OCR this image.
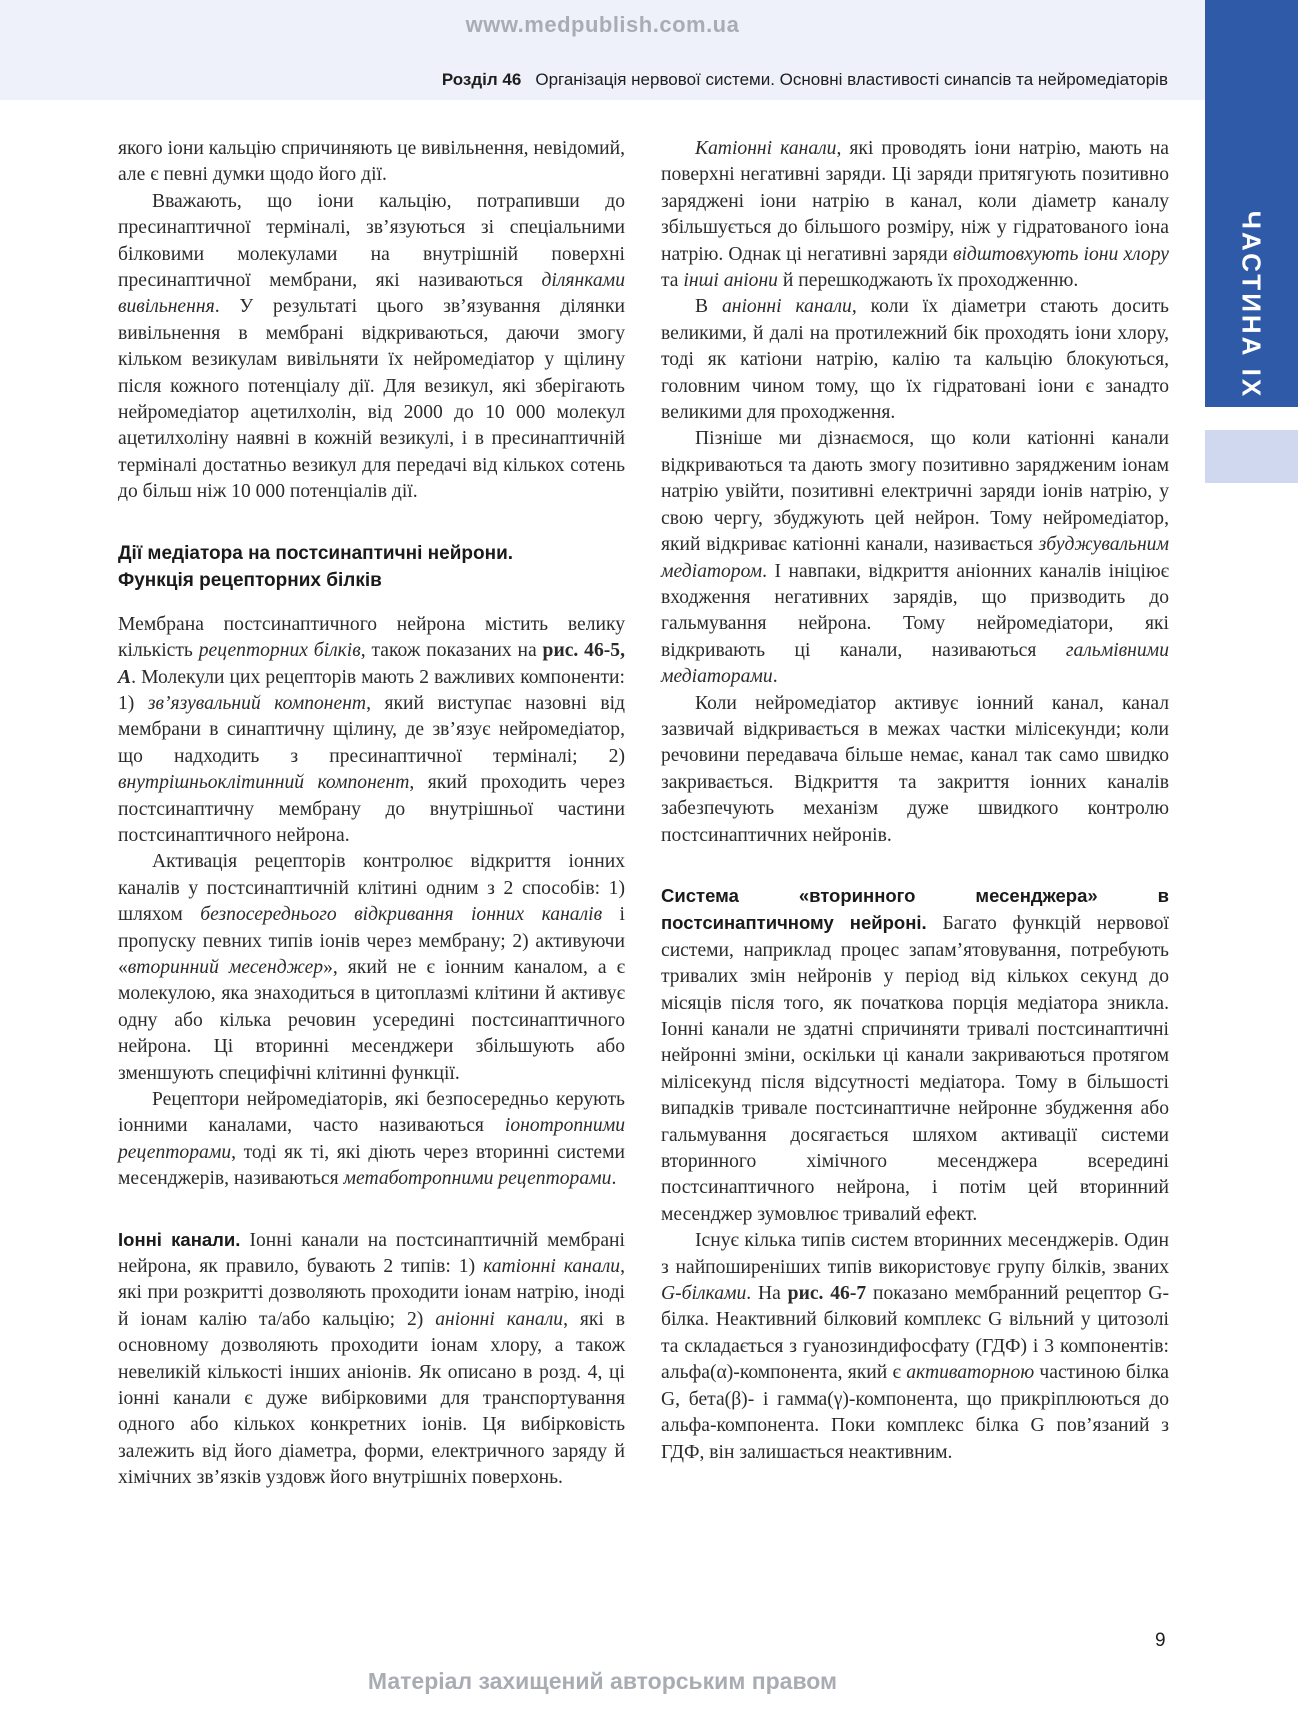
www.medpublish.com.ua
Розділ 46 Організація нервової системи. Основні властивості синапсів та нейромедіаторів
ЧАСТИНА IX

якого іони кальцію спричиняють це вивільнення, невідомий, але є певні думки щодо його дії.

Вважають, що іони кальцію, потрапивши до пресинаптичної терміналі, зв’язуються зі спеціальними білковими молекулами на внутрішній поверхні пресинаптичної мембрани, які називаються ділянками вивільнення. У результаті цього зв’язування ділянки вивільнення в мембрані відкриваються, даючи змогу кільком везикулам вивільняти їх нейромедіатор у щілину після кожного потенціалу дії. Для везикул, які зберігають нейромедіатор ацетилхолін, від 2000 до 10 000 молекул ацетилхоліну наявні в кожній везикулі, і в пресинаптичній терміналі достатньо везикул для передачі від кількох сотень до більш ніж 10 000 потенціалів дії.

Дії медіатора на постсинаптичні нейрони.
Функція рецепторних білків

Мембрана постсинаптичного нейрона містить велику кількість рецепторних білків, також показаних на рис. 46-5, А. Молекули цих рецепторів мають 2 важливих компоненти: 1) зв’язувальний компонент, який виступає назовні від мембрани в синаптичну щілину, де зв’язує нейромедіатор, що надходить з пресинаптичної терміналі; 2) внутрішньоклітинний компонент, який проходить через постсинаптичну мембрану до внутрішньої частини постсинаптичного нейрона.

Активація рецепторів контролює відкриття іонних каналів у постсинаптичній клітині одним з 2 способів: 1) шляхом безпосереднього відкривання іонних каналів і пропуску певних типів іонів через мембрану; 2) активуючи «вторинний месенджер», який не є іонним каналом, а є молекулою, яка знаходиться в цитоплазмі клітини й активує одну або кілька речовин усередині постсинаптичного нейрона. Ці вторинні месенджери збільшують або зменшують специфічні клітинні функції.

Рецептори нейромедіаторів, які безпосередньо керують іонними каналами, часто називаються іонотропними рецепторами, тоді як ті, які діють через вторинні системи месенджерів, називаються метаботропними рецепторами.

Іонні канали. Іонні канали на постсинаптичній мембрані нейрона, як правило, бувають 2 типів: 1) катіонні канали, які при розкритті дозволяють проходити іонам натрію, іноді й іонам калію та/або кальцію; 2) аніонні канали, які в основному дозволяють проходити іонам хлору, а також невеликій кількості інших аніонів. Як описано в розд. 4, ці іонні канали є дуже вибірковими для транспортування одного або кількох конкретних іонів. Ця вибірковість залежить від його діаметра, форми, електричного заряду й хімічних зв’язків уздовж його внутрішніх поверхонь.

Катіонні канали, які проводять іони натрію, мають на поверхні негативні заряди. Ці заряди притягують позитивно заряджені іони натрію в канал, коли діаметр каналу збільшується до більшого розміру, ніж у гідратованого іона натрію. Однак ці негативні заряди відштовхують іони хлору та інші аніони й перешкоджають їх проходженню.

В аніонні канали, коли їх діаметри стають досить великими, й далі на протилежний бік проходять іони хлору, тоді як катіони натрію, калію та кальцію блокуються, головним чином тому, що їх гідратовані іони є занадто великими для проходження.

Пізніше ми дізнаємося, що коли катіонні канали відкриваються та дають змогу позитивно зарядженим іонам натрію увійти, позитивні електричні заряди іонів натрію, у свою чергу, збуджують цей нейрон. Тому нейромедіатор, який відкриває катіонні канали, називається збуджувальним медіатором. І навпаки, відкриття аніонних каналів ініціює входження негативних зарядів, що призводить до гальмування нейрона. Тому нейромедіатори, які відкривають ці канали, називаються гальмівними медіаторами.

Коли нейромедіатор активує іонний канал, канал зазвичай відкривається в межах частки мілісекунди; коли речовини передавача більше немає, канал так само швидко закривається. Відкриття та закриття іонних каналів забезпечують механізм дуже швидкого контролю постсинаптичних нейронів.

Система «вторинного месенджера» в постсинаптичному нейроні. Багато функцій нервової системи, наприклад процес запам’ятовування, потребують тривалих змін нейронів у період від кількох секунд до місяців після того, як початкова порція медіатора зникла. Іонні канали не здатні спричиняти тривалі постсинаптичні нейронні зміни, оскільки ці канали закриваються протягом мілісекунд після відсутності медіатора. Тому в більшості випадків тривале постсинаптичне нейронне збудження або гальмування досягається шляхом активації системи вторинного хімічного месенджера всередині постсинаптичного нейрона, і потім цей вторинний месенджер зумовлює тривалий ефект.

Існує кілька типів систем вторинних месенджерів. Один з найпоширеніших типів використовує групу білків, званих G-білками. На рис. 46-7 показано мембранний рецептор G-білка. Неактивний білковий комплекс G вільний у цитозолі та складається з гуанозиндифосфату (ГДФ) і 3 компонентів: альфа(α)-компонента, який є активаторною частиною білка G, бета(β)- і гамма(γ)-компонента, що прикріплюються до альфа-компонента. Поки комплекс білка G пов’язаний з ГДФ, він залишається неактивним.

9
Матеріал захищений авторським правом
